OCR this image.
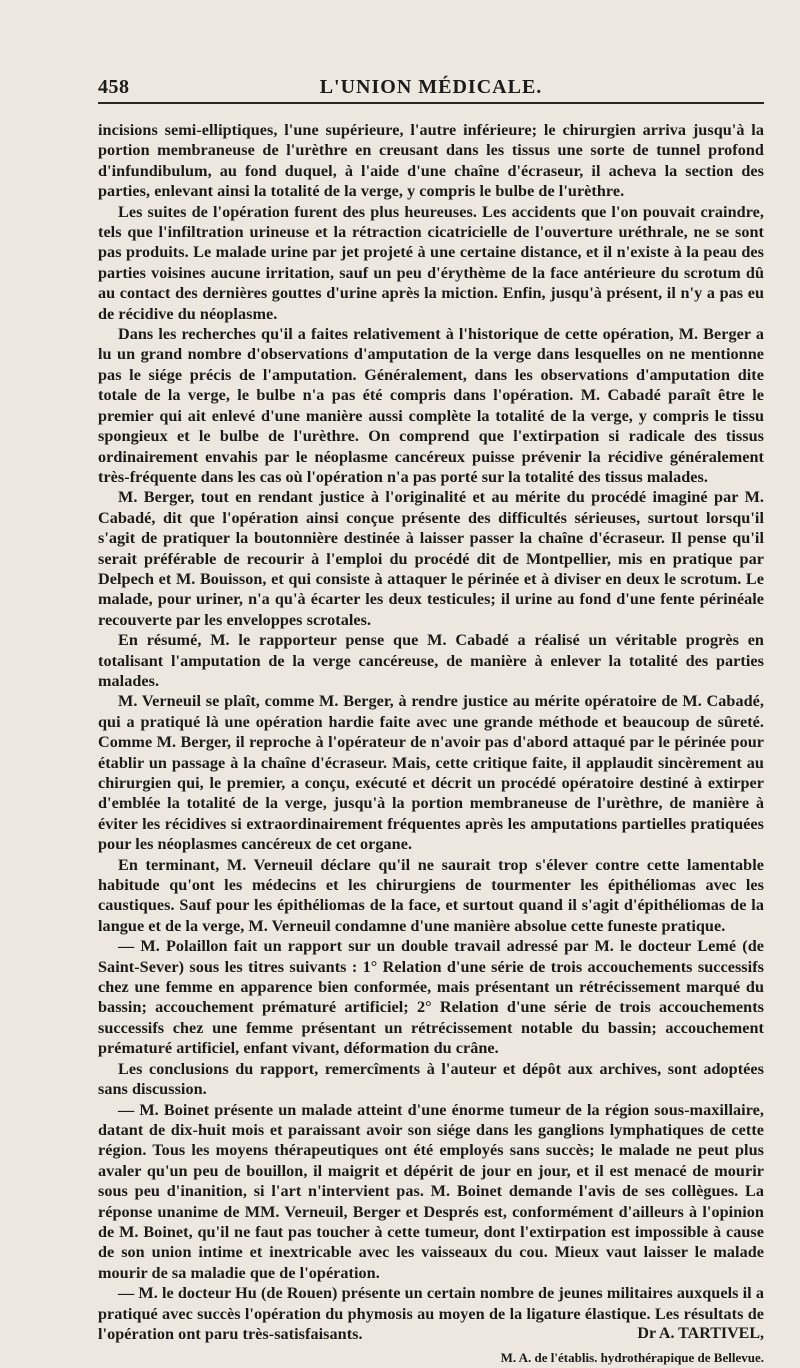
458	L'UNION MÉDICALE.

incisions semi-elliptiques, l'une supérieure, l'autre inférieure; le chirurgien arriva jusqu'à la portion membraneuse de l'urèthre en creusant dans les tissus une sorte de tunnel profond d'infundibulum, au fond duquel, à l'aide d'une chaîne d'écraseur, il acheva la section des parties, enlevant ainsi la totalité de la verge, y compris le bulbe de l'urèthre.

Les suites de l'opération furent des plus heureuses. Les accidents que l'on pouvait craindre, tels que l'infiltration urineuse et la rétraction cicatricielle de l'ouverture uréthrale, ne se sont pas produits. Le malade urine par jet projeté à une certaine distance, et il n'existe à la peau des parties voisines aucune irritation, sauf un peu d'érythème de la face antérieure du scrotum dû au contact des dernières gouttes d'urine après la miction. Enfin, jusqu'à présent, il n'y a pas eu de récidive du néoplasme.

Dans les recherches qu'il a faites relativement à l'historique de cette opération, M. Berger a lu un grand nombre d'observations d'amputation de la verge dans lesquelles on ne mentionne pas le siége précis de l'amputation. Généralement, dans les observations d'amputation dite totale de la verge, le bulbe n'a pas été compris dans l'opération. M. Cabadé paraît être le premier qui ait enlevé d'une manière aussi complète la totalité de la verge, y compris le tissu spongieux et le bulbe de l'urèthre. On comprend que l'extirpation si radicale des tissus ordinairement envahis par le néoplasme cancéreux puisse prévenir la récidive généralement très-fréquente dans les cas où l'opération n'a pas porté sur la totalité des tissus malades.

M. Berger, tout en rendant justice à l'originalité et au mérite du procédé imaginé par M. Cabadé, dit que l'opération ainsi conçue présente des difficultés sérieuses, surtout lorsqu'il s'agit de pratiquer la boutonnière destinée à laisser passer la chaîne d'écraseur. Il pense qu'il serait préférable de recourir à l'emploi du procédé dit de Montpellier, mis en pratique par Delpech et M. Bouisson, et qui consiste à attaquer le périnée et à diviser en deux le scrotum. Le malade, pour uriner, n'a qu'à écarter les deux testicules; il urine au fond d'une fente périnéale recouverte par les enveloppes scrotales.

En résumé, M. le rapporteur pense que M. Cabadé a réalisé un véritable progrès en totalisant l'amputation de la verge cancéreuse, de manière à enlever la totalité des parties malades.

M. Verneuil se plaît, comme M. Berger, à rendre justice au mérite opératoire de M. Cabadé, qui a pratiqué là une opération hardie faite avec une grande méthode et beaucoup de sûreté. Comme M. Berger, il reproche à l'opérateur de n'avoir pas d'abord attaqué par le périnée pour établir un passage à la chaîne d'écraseur. Mais, cette critique faite, il applaudit sincèrement au chirurgien qui, le premier, a conçu, exécuté et décrit un procédé opératoire destiné à extirper d'emblée la totalité de la verge, jusqu'à la portion membraneuse de l'urèthre, de manière à éviter les récidives si extraordinairement fréquentes après les amputations partielles pratiquées pour les néoplasmes cancéreux de cet organe.

En terminant, M. Verneuil déclare qu'il ne saurait trop s'élever contre cette lamentable habitude qu'ont les médecins et les chirurgiens de tourmenter les épithéliomas avec les caustiques. Sauf pour les épithéliomas de la face, et surtout quand il s'agit d'épithéliomas de la langue et de la verge, M. Verneuil condamne d'une manière absolue cette funeste pratique.

— M. Polaillon fait un rapport sur un double travail adressé par M. le docteur Lemé (de Saint-Sever) sous les titres suivants : 1° Relation d'une série de trois accouchements successifs chez une femme en apparence bien conformée, mais présentant un rétrécissement marqué du bassin; accouchement prématuré artificiel; 2° Relation d'une série de trois accouchements successifs chez une femme présentant un rétrécissement notable du bassin; accouchement prématuré artificiel, enfant vivant, déformation du crâne.

Les conclusions du rapport, remercîments à l'auteur et dépôt aux archives, sont adoptées sans discussion.

— M. Boinet présente un malade atteint d'une énorme tumeur de la région sous-maxillaire, datant de dix-huit mois et paraissant avoir son siége dans les ganglions lymphatiques de cette région. Tous les moyens thérapeutiques ont été employés sans succès; le malade ne peut plus avaler qu'un peu de bouillon, il maigrit et dépérit de jour en jour, et il est menacé de mourir sous peu d'inanition, si l'art n'intervient pas. M. Boinet demande l'avis de ses collègues. La réponse unanime de MM. Verneuil, Berger et Després est, conformément d'ailleurs à l'opinion de M. Boinet, qu'il ne faut pas toucher à cette tumeur, dont l'extirpation est impossible à cause de son union intime et inextricable avec les vaisseaux du cou. Mieux vaut laisser le malade mourir de sa maladie que de l'opération.

— M. le docteur Hu (de Rouen) présente un certain nombre de jeunes militaires auxquels il a pratiqué avec succès l'opération du phymosis au moyen de la ligature élastique. Les résultats de l'opération ont paru très-satisfaisants.	Dr A. TARTIVEL,
M. A. de l'établis. hydrothérapique de Bellevue.
